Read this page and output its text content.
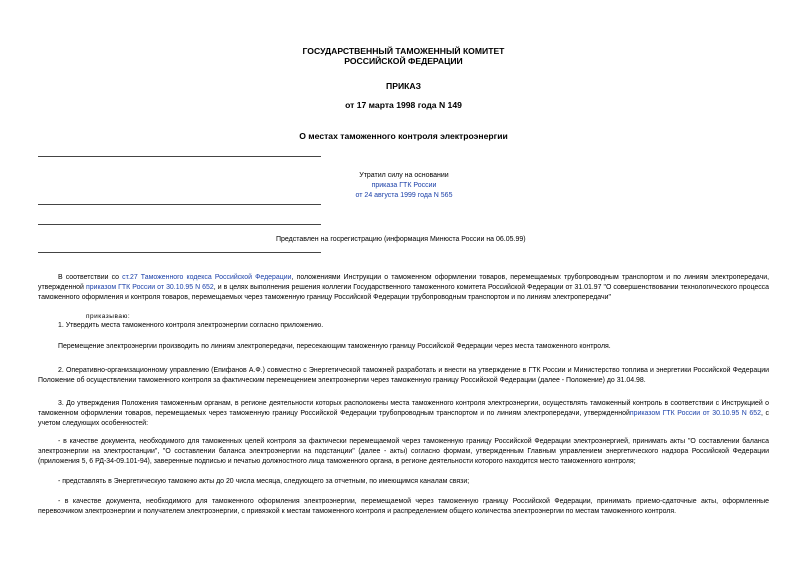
ГОСУДАРСТВЕННЫЙ ТАМОЖЕННЫЙ КОМИТЕТ
РОССИЙСКОЙ ФЕДЕРАЦИИ
ПРИКАЗ
от 17 марта 1998 года N 149
О местах таможенного контроля электроэнергии
Утратил силу на основании
приказа ГТК России
от 24 августа 1999 года N 565
Представлен на госрегистрацию (информация Минюста России на 06.05.99)
В соответствии со ст.27 Таможенного кодекса Российской Федерации, положениями Инструкции о таможенном оформлении товаров, перемещаемых трубопроводным транспортом и по линиям электропередачи, утвержденной приказом ГТК России от 30.10.95 N 652, и в целях выполнения решения коллегии Государственного таможенного комитета Российской Федерации от 31.01.97 "О совершенствовании технологического процесса таможенного оформления и контроля товаров, перемещаемых через таможенную границу Российской Федерации трубопроводным транспортом и по линиям электропередачи"
приказываю:
1. Утвердить места таможенного контроля электроэнергии согласно приложению.
Перемещение электроэнергии производить по линиям электропередачи, пересекающим таможенную границу Российской Федерации через места таможенного контроля.
2. Оперативно-организационному управлению (Епифанов А.Ф.) совместно с Энергетической таможней разработать и внести на утверждение в ГТК России и Министерство топлива и энергетики Российской Федерации Положение об осуществлении таможенного контроля за фактическим перемещением электроэнергии через таможенную границу Российской Федерации (далее - Положение) до 31.04.98.
3. До утверждения Положения таможенным органам, в регионе деятельности которых расположены места таможенного контроля электроэнергии, осуществлять таможенный контроль в соответствии с Инструкцией о таможенном оформлении товаров, перемещаемых через таможенную границу Российской Федерации трубопроводным транспортом и по линиям электропередачи, утвержденнойприказом ГТК России от 30.10.95 N 652, с учетом следующих особенностей:
- в качестве документа, необходимого для таможенных целей контроля за фактически перемещаемой через таможенную границу Российской Федерации электроэнергией, принимать акты "О составлении баланса электроэнергии на электростанции", "О составлении баланса электроэнергии на подстанции" (далее - акты) согласно формам, утвержденным Главным управлением энергетического надзора Российской Федерации (приложения 5, 6 РД-34-09.101-94), заверенные подписью и печатью должностного лица таможенного органа, в регионе деятельности которого находится место таможенного контроля;
- представлять в Энергетическую таможню акты до 20 числа месяца, следующего за отчетным, по имеющимся каналам связи;
- в качестве документа, необходимого для таможенного оформления электроэнергии, перемещаемой через таможенную границу Российской Федерации, принимать приемо-сдаточные акты, оформленные перевозчиком электроэнергии и получателем электроэнергии, с привязкой к местам таможенного контроля и распределением общего количества электроэнергии по местам таможенного контроля.
